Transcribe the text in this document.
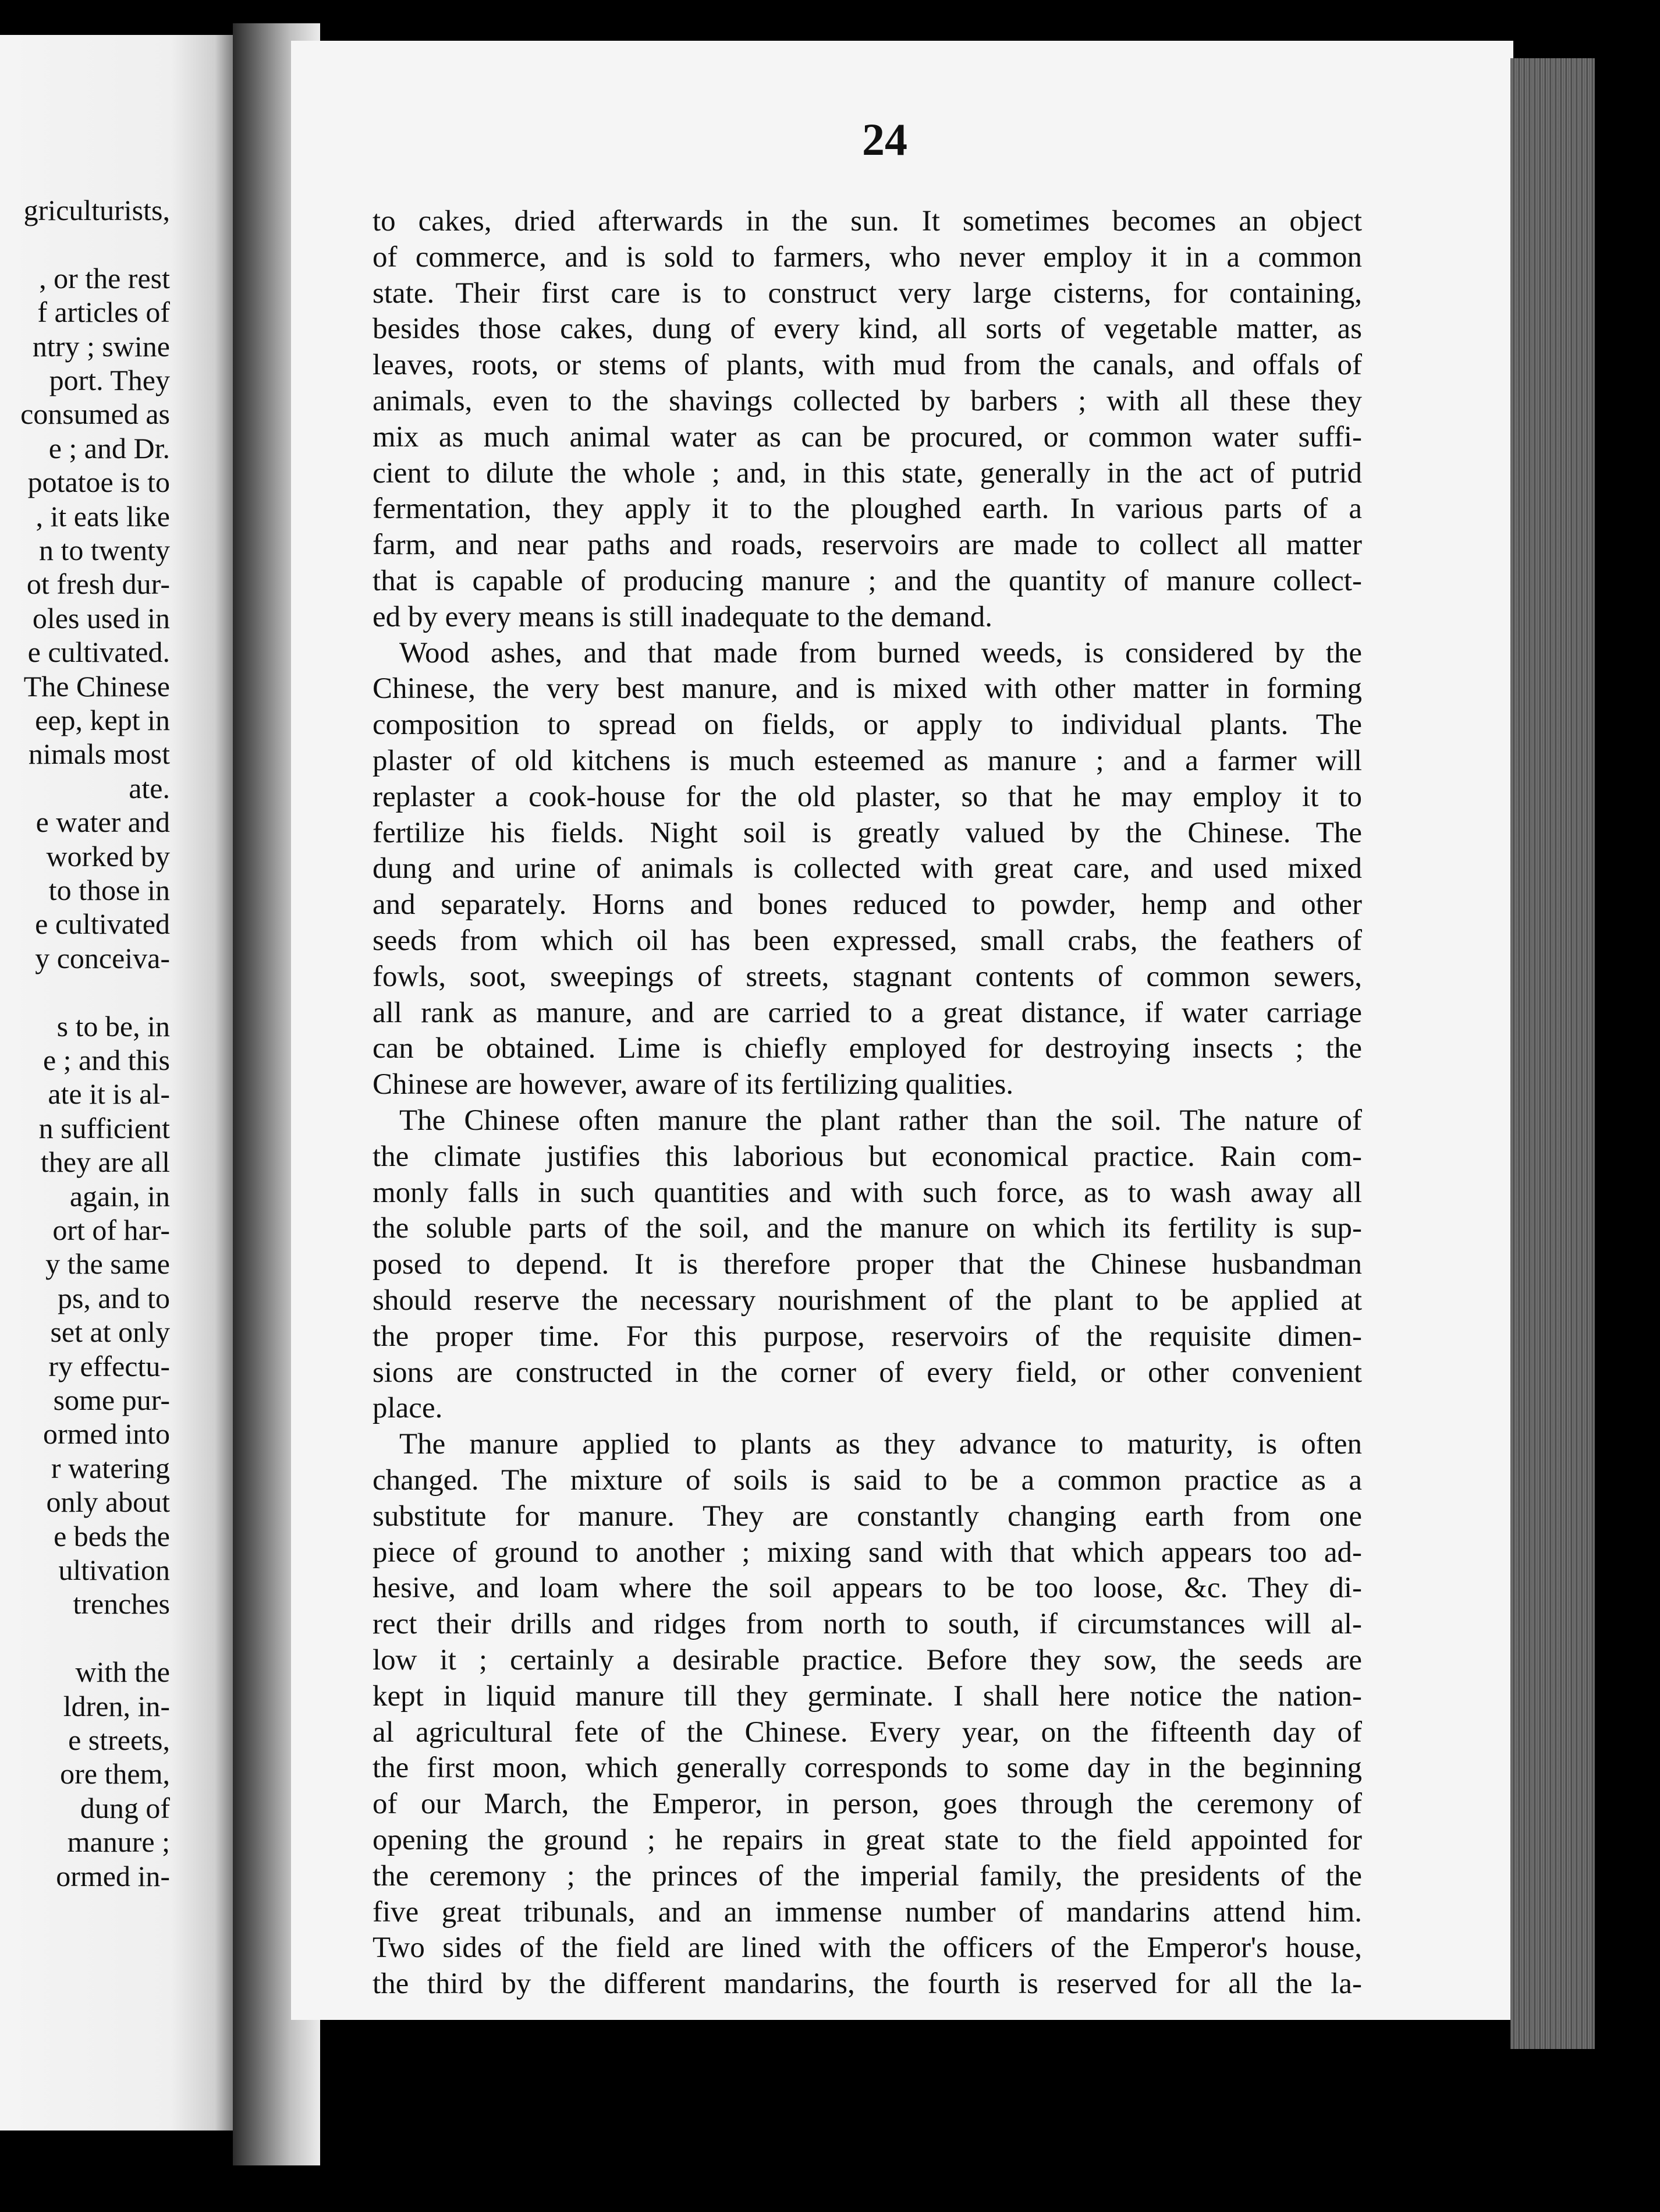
griculturists,
, or the rest
f articles of
ntry ; swine
port. They
consumed as
e ; and Dr.
potatoe is to
, it eats like
n to twenty
ot fresh dur-
oles used in
e cultivated.
The Chinese
eep, kept in
nimals most
ate.
e water and
worked by
to those in
e cultivated
y conceiva-
s to be, in
e ; and this
ate it is al-
n sufficient
they are all
again, in
ort of har-
y the same
ps, and to
set at only
ry effectu-
some pur-
ormed into
r watering
only about
e beds the
ultivation
trenches
with the
ldren, in-
e streets,
ore them,
dung of
manure ;
ormed in-
24
to cakes, dried afterwards in the sun. It sometimes becomes an object
of commerce, and is sold to farmers, who never employ it in a common
state. Their first care is to construct very large cisterns, for containing,
besides those cakes, dung of every kind, all sorts of vegetable matter, as
leaves, roots, or stems of plants, with mud from the canals, and offals of
animals, even to the shavings collected by barbers ; with all these they
mix as much animal water as can be procured, or common water suffi-
cient to dilute the whole ; and, in this state, generally in the act of putrid
fermentation, they apply it to the ploughed earth. In various parts of a
farm, and near paths and roads, reservoirs are made to collect all matter
that is capable of producing manure ; and the quantity of manure collect-
ed by every means is still inadequate to the demand.
Wood ashes, and that made from burned weeds, is considered by the
Chinese, the very best manure, and is mixed with other matter in forming
composition to spread on fields, or apply to individual plants. The
plaster of old kitchens is much esteemed as manure ; and a farmer will
replaster a cook-house for the old plaster, so that he may employ it to
fertilize his fields. Night soil is greatly valued by the Chinese. The
dung and urine of animals is collected with great care, and used mixed
and separately. Horns and bones reduced to powder, hemp and other
seeds from which oil has been expressed, small crabs, the feathers of
fowls, soot, sweepings of streets, stagnant contents of common sewers,
all rank as manure, and are carried to a great distance, if water carriage
can be obtained. Lime is chiefly employed for destroying insects ; the
Chinese are however, aware of its fertilizing qualities.
The Chinese often manure the plant rather than the soil. The nature of
the climate justifies this laborious but economical practice. Rain com-
monly falls in such quantities and with such force, as to wash away all
the soluble parts of the soil, and the manure on which its fertility is sup-
posed to depend. It is therefore proper that the Chinese husbandman
should reserve the necessary nourishment of the plant to be applied at
the proper time. For this purpose, reservoirs of the requisite dimen-
sions are constructed in the corner of every field, or other convenient
place.
The manure applied to plants as they advance to maturity, is often
changed. The mixture of soils is said to be a common practice as a
substitute for manure. They are constantly changing earth from one
piece of ground to another ; mixing sand with that which appears too ad-
hesive, and loam where the soil appears to be too loose, &c. They di-
rect their drills and ridges from north to south, if circumstances will al-
low it ; certainly a desirable practice. Before they sow, the seeds are
kept in liquid manure till they germinate. I shall here notice the nation-
al agricultural fete of the Chinese. Every year, on the fifteenth day of
the first moon, which generally corresponds to some day in the beginning
of our March, the Emperor, in person, goes through the ceremony of
opening the ground ; he repairs in great state to the field appointed for
the ceremony ; the princes of the imperial family, the presidents of the
five great tribunals, and an immense number of mandarins attend him.
Two sides of the field are lined with the officers of the Emperor's house,
the third by the different mandarins, the fourth is reserved for all the la-
